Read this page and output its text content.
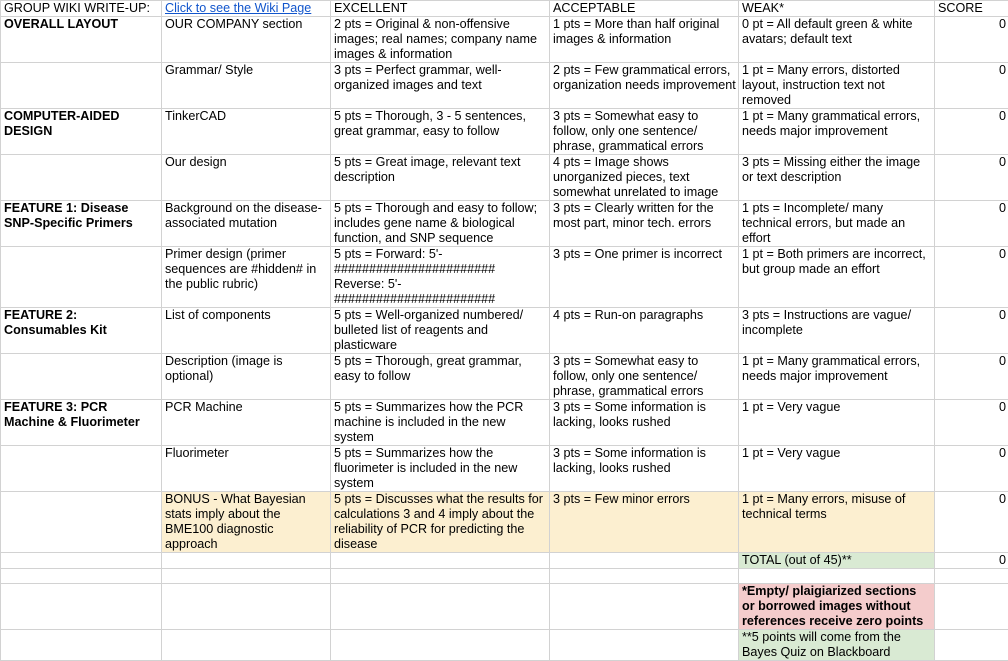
GROUP WIKI WRITE-UP:	Click to see the Wiki Page	EXCELLENT	ACCEPTABLE	WEAK*	SCORE
OVERALL LAYOUT	OUR COMPANY section	2 pts = Original & non-offensive images; real names; company name images & information	1 pts = More than half original images & information	0 pt = All default green & white avatars; default text	0
	Grammar/ Style	3 pts = Perfect grammar, well-organized images and text	2 pts = Few grammatical errors, organization needs improvement	1 pt = Many errors, distorted layout, instruction text not removed	0
COMPUTER-AIDED DESIGN	TinkerCAD	5 pts = Thorough, 3 - 5 sentences, great grammar, easy to follow	3 pts = Somewhat easy to follow, only one sentence/ phrase, grammatical errors	1 pt = Many grammatical errors, needs major improvement	0
	Our design	5 pts = Great image, relevant text description	4 pts = Image shows unorganized pieces, text somewhat unrelated to image	3 pts = Missing either the image or text description	0
FEATURE 1: Disease SNP-Specific Primers	Background on the disease-associated mutation	5 pts = Thorough and easy to follow; includes gene name & biological function, and SNP sequence	3 pts = Clearly written for the most part, minor tech. errors	1 pts = Incomplete/ many technical errors, but made an effort	0
	Primer design (primer sequences are #hidden# in the public rubric)	5 pts = Forward: 5'-####################### Reverse: 5'-#######################	3 pts = One primer is incorrect	1 pt = Both primers are incorrect, but group made an effort	0
FEATURE 2: Consumables Kit	List of components	5 pts = Well-organized numbered/ bulleted list of reagents and plasticware	4 pts = Run-on paragraphs	3 pts = Instructions are vague/ incomplete	0
	Description (image is optional)	5 pts = Thorough, great grammar, easy to follow	3 pts = Somewhat easy to follow, only one sentence/ phrase, grammatical errors	1 pt = Many grammatical errors, needs major improvement	0
FEATURE 3: PCR Machine & Fluorimeter	PCR Machine	5 pts = Summarizes how the PCR machine is included in the new system	3 pts = Some information is lacking, looks rushed	1 pt = Very vague	0
	Fluorimeter	5 pts = Summarizes how the fluorimeter is included in the new system	3 pts = Some information is lacking, looks rushed	1 pt = Very vague	0
	BONUS - What Bayesian stats imply about the BME100 diagnostic approach	5 pts = Discusses what the results for calculations 3 and 4 imply about the reliability of PCR for predicting the disease	3 pts = Few minor errors	1 pt = Many errors, misuse of technical terms	0
				TOTAL (out of 45)**	0

				*Empty/ plaigiarized sections or borrowed images without references receive zero points	
				**5 points will come from the Bayes Quiz on Blackboard	
